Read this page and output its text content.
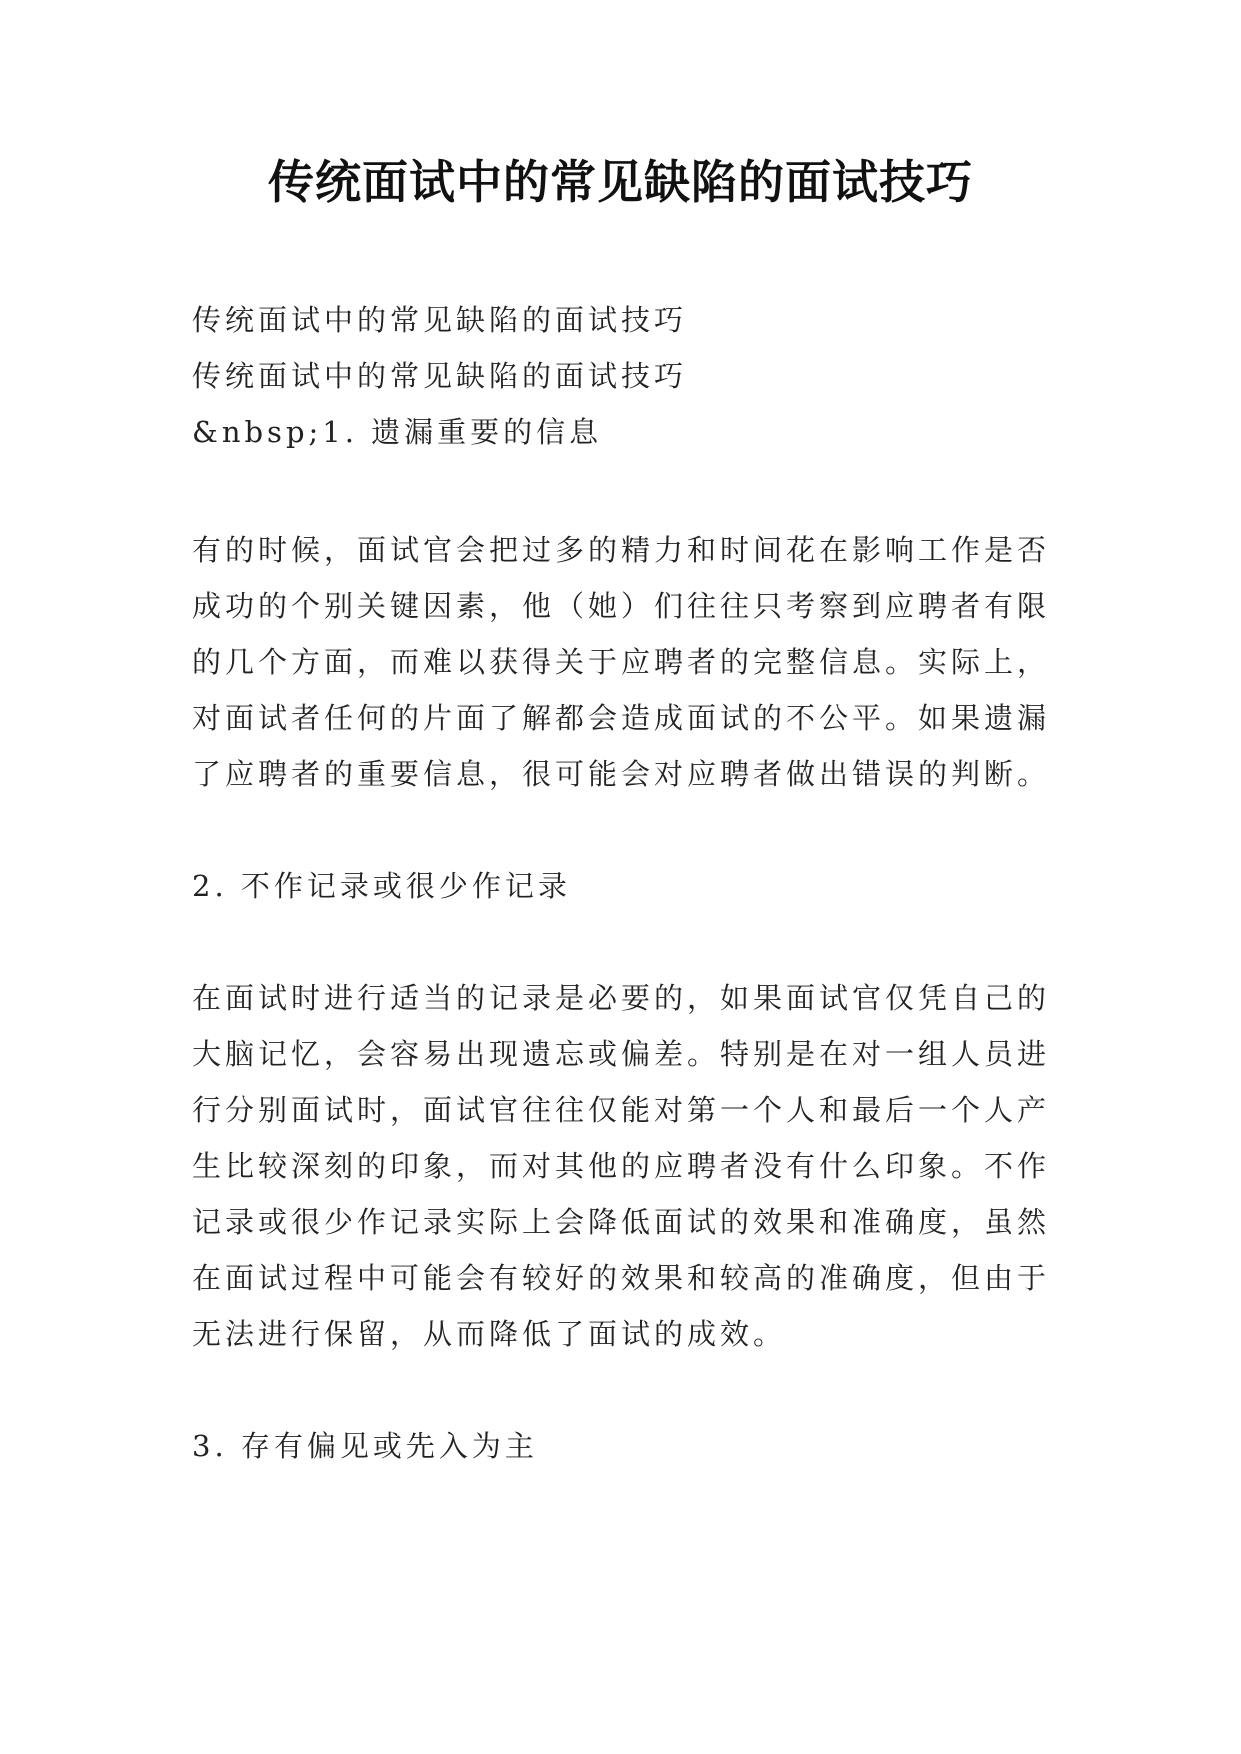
传统面试中的常见缺陷的面试技巧
传统面试中的常见缺陷的面试技巧
传统面试中的常见缺陷的面试技巧
&nbsp;1. 遗漏重要的信息
有的时候，面试官会把过多的精力和时间花在影响工作是否
成功的个别关键因素，他（她）们往往只考察到应聘者有限
的几个方面，而难以获得关于应聘者的完整信息。实际上，
对面试者任何的片面了解都会造成面试的不公平。如果遗漏
了应聘者的重要信息，很可能会对应聘者做出错误的判断。
2. 不作记录或很少作记录
在面试时进行适当的记录是必要的，如果面试官仅凭自己的
大脑记忆，会容易出现遗忘或偏差。特别是在对一组人员进
行分别面试时，面试官往往仅能对第一个人和最后一个人产
生比较深刻的印象，而对其他的应聘者没有什么印象。不作
记录或很少作记录实际上会降低面试的效果和准确度，虽然
在面试过程中可能会有较好的效果和较高的准确度，但由于
无法进行保留，从而降低了面试的成效。
3. 存有偏见或先入为主
